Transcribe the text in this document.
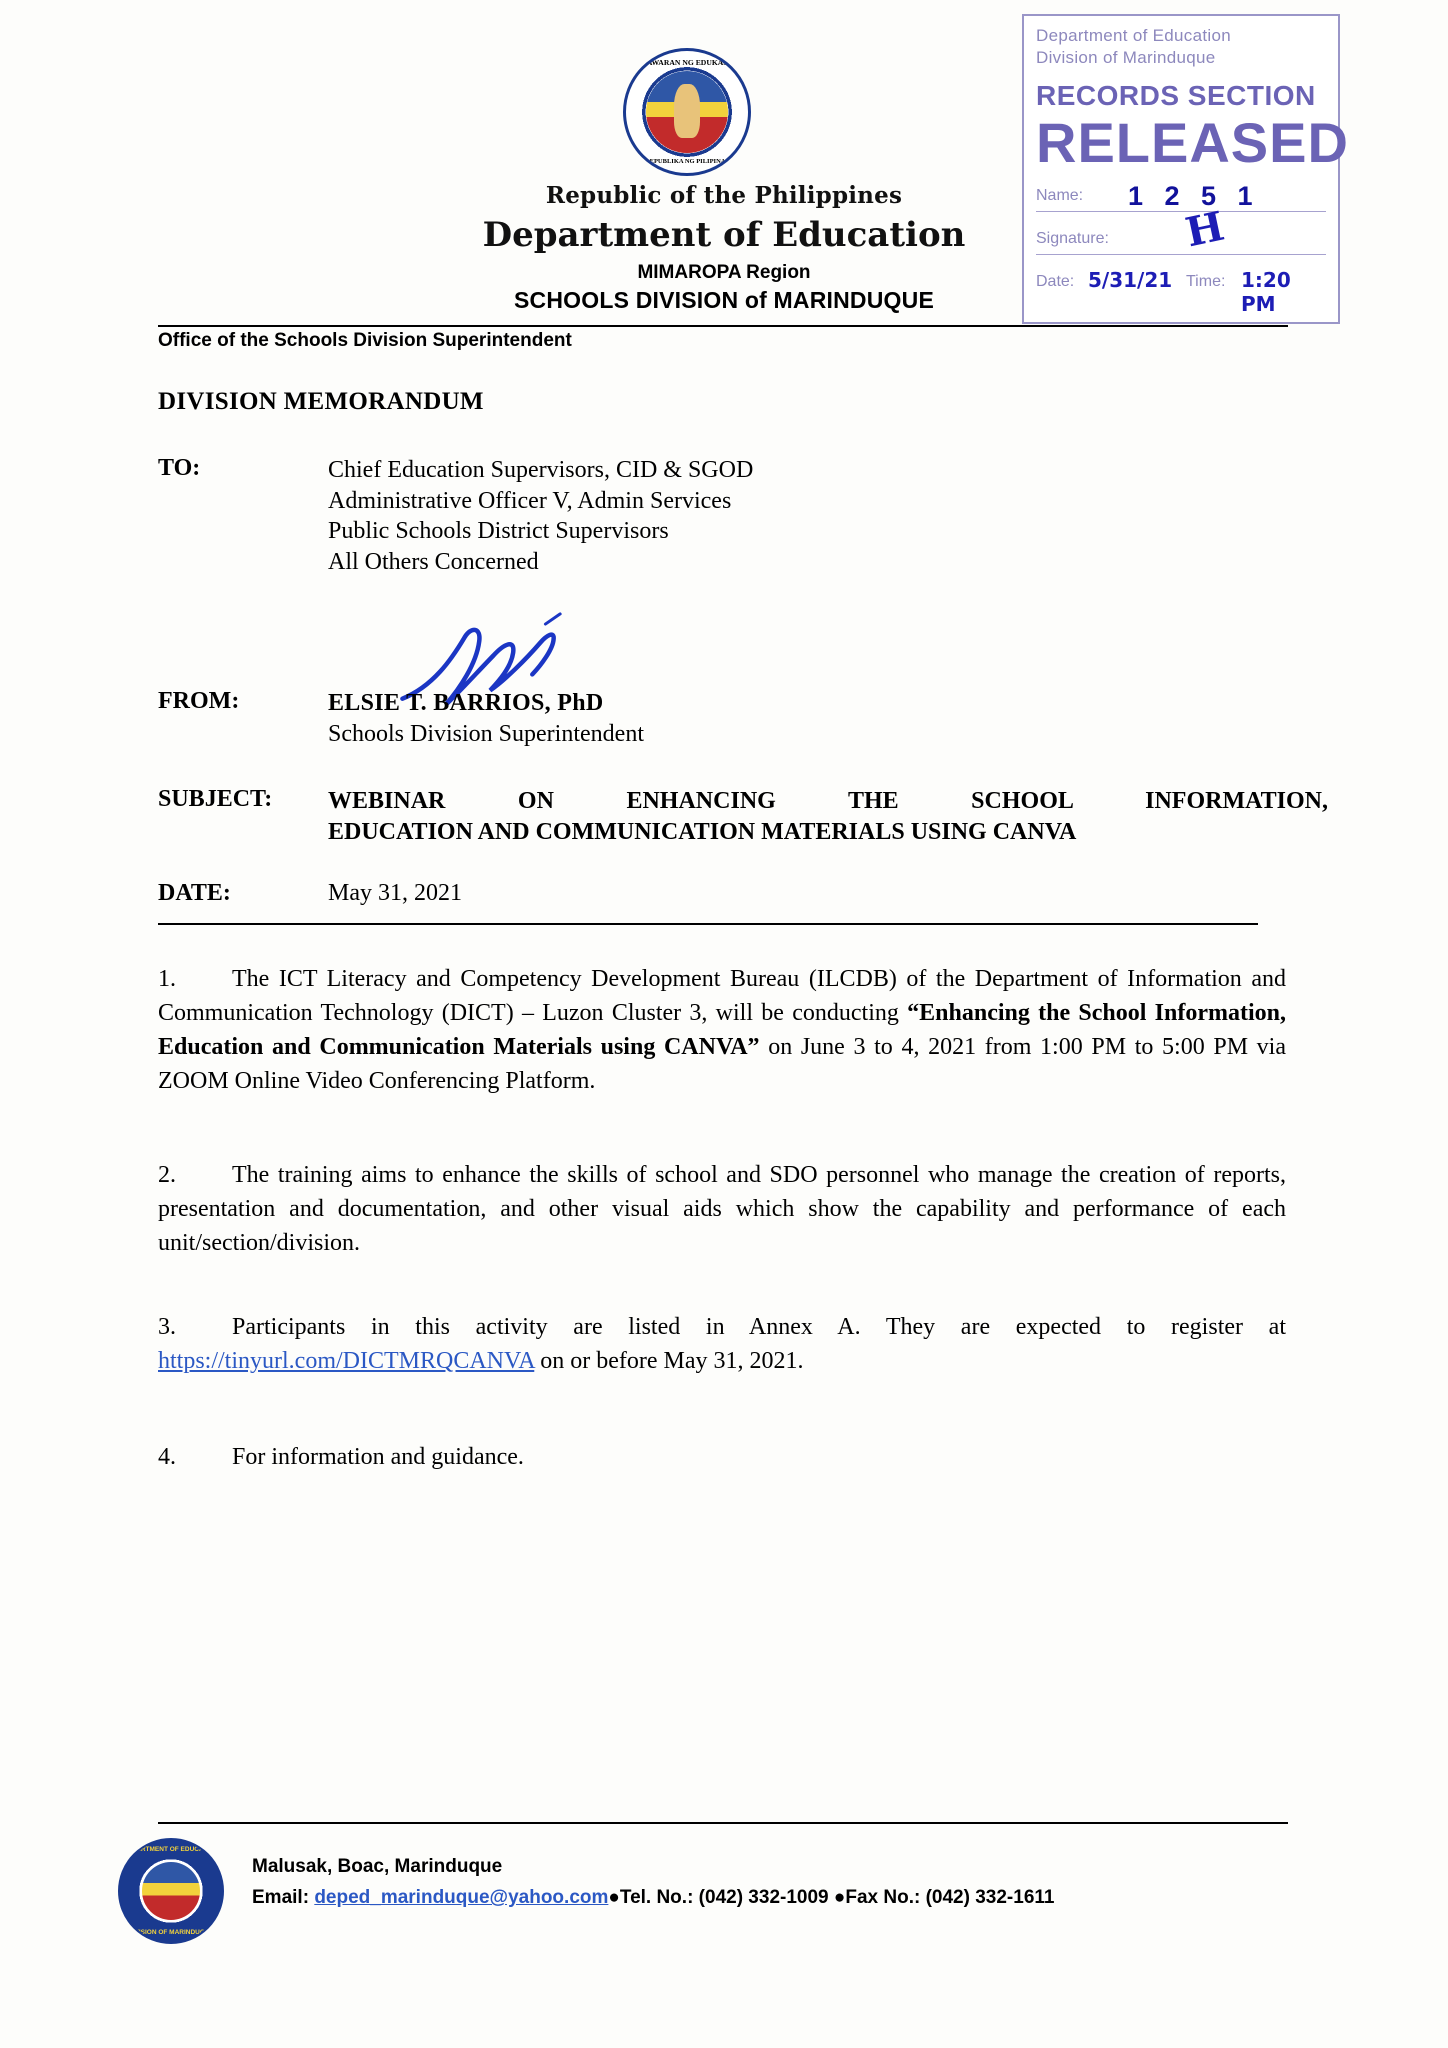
KAGAWARAN NG EDUKASYON
REPUBLIKA NG PILIPINAS
Republic of the Philippines
Department of Education
MIMAROPA Region
SCHOOLS DIVISION of MARINDUQUE
Office of the Schools Division Superintendent
Department of Education
Division of Marinduque
RECORDS SECTION
RELEASED
Name: 1 2 5 1
Signature: H
Date: 5/31/21 Time: 1:20 PM
DIVISION MEMORANDUM
TO:	Chief Education Supervisors, CID & SGOD
Administrative Officer V, Admin Services
Public Schools District Supervisors
All Others Concerned
FROM:	ELSIE T. BARRIOS, PhD
Schools Division Superintendent
SUBJECT: WEBINAR ON ENHANCING THE SCHOOL INFORMATION,
EDUCATION AND COMMUNICATION MATERIALS USING CANVA
DATE:	May 31, 2021
1.	The ICT Literacy and Competency Development Bureau (ILCDB) of the Department of Information and Communication Technology (DICT) – Luzon Cluster 3, will be conducting “Enhancing the School Information, Education and Communication Materials using CANVA” on June 3 to 4, 2021 from 1:00 PM to 5:00 PM via ZOOM Online Video Conferencing Platform.
2.	The training aims to enhance the skills of school and SDO personnel who manage the creation of reports, presentation and documentation, and other visual aids which show the capability and performance of each unit/section/division.
3.	Participants in this activity are listed in Annex A. They are expected to register at https://tinyurl.com/DICTMRQCANVA on or before May 31, 2021.
4.	For information and guidance.
DEPARTMENT OF EDUCATION
DIVISION OF MARINDUQUE
Malusak, Boac, Marinduque
Email: deped_marinduque@yahoo.com●Tel. No.: (042) 332-1009 ●Fax No.: (042) 332-1611
